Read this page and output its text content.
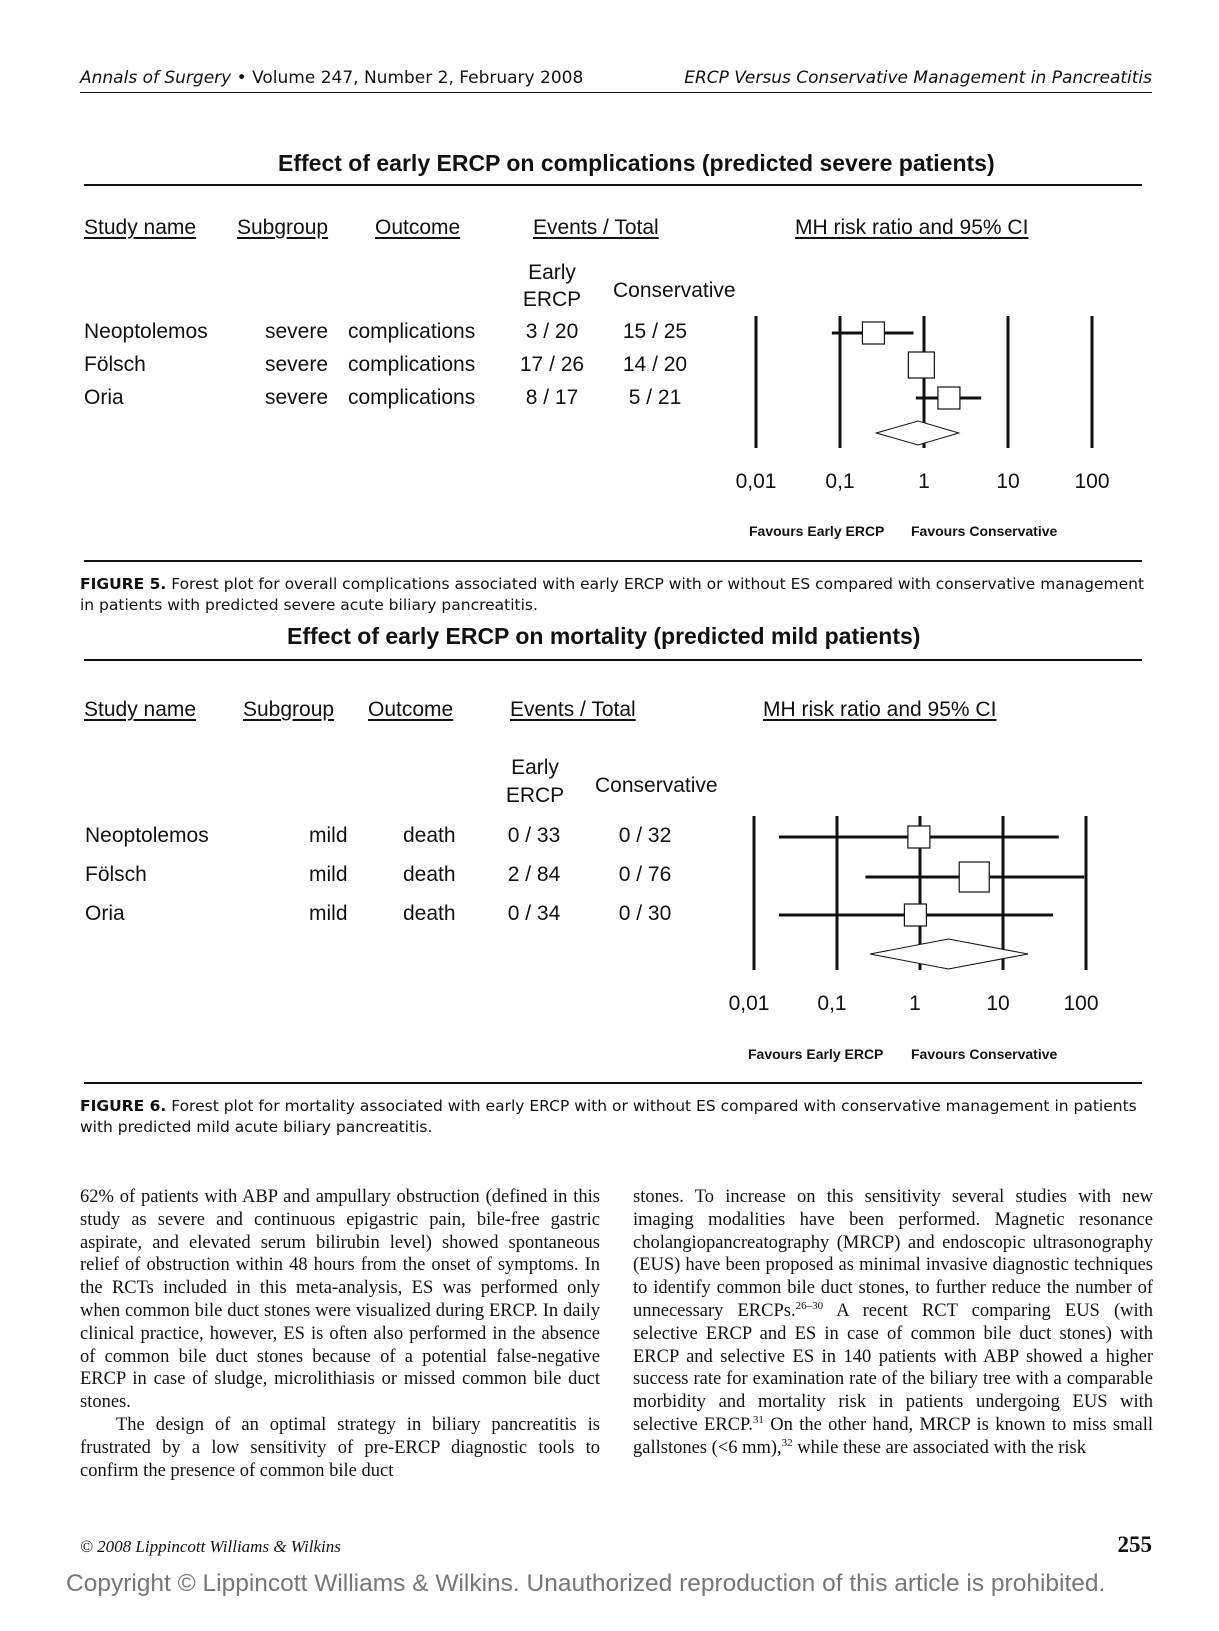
Annals of Surgery • Volume 247, Number 2, February 2008	ERCP Versus Conservative Management in Pancreatitis
Effect of early ERCP on complications (predicted severe patients)
Study name Subgroup Outcome	Events / Total	MH risk ratio and 95% CI
Early
ERCP	Conservative
Neoptolemos	severe complications	3 / 20	15 / 25
Fölsch	severe complications	17 / 26	14 / 20
Oria	severe complications	8 / 17	5 / 21
0,01	0,1	1	10	100
Favours Early ERCP Favours Conservative
FIGURE 5. Forest plot for overall complications associated with early ERCP with or without ES compared with conservative management in patients with predicted severe acute biliary pancreatitis.
Effect of early ERCP on mortality (predicted mild patients)
Study name Subgroup Outcome	Events / Total	MH risk ratio and 95% CI
Early
ERCP	Conservative
Neoptolemos	mild	death	0 / 33	0 / 32
Fölsch	mild	death	2 / 84	0 / 76
Oria	mild	death	0 / 34	0 / 30
0,01	0,1	1	10	100
Favours Early ERCP Favours Conservative
FIGURE 6. Forest plot for mortality associated with early ERCP with or without ES compared with conservative management in patients with predicted mild acute biliary pancreatitis.

62% of patients with ABP and ampullary obstruction (defined in this study as severe and continuous epigastric pain, bile-free gastric aspirate, and elevated serum bilirubin level) showed spontaneous relief of obstruction within 48 hours from the onset of symptoms. In the RCTs included in this meta-analysis, ES was performed only when common bile duct stones were visualized during ERCP. In daily clinical practice, however, ES is often also performed in the absence of common bile duct stones because of a potential false-negative ERCP in case of sludge, microlithiasis or missed common bile duct stones.

The design of an optimal strategy in biliary pancreatitis is frustrated by a low sensitivity of pre-ERCP diagnostic tools to confirm the presence of common bile duct

stones. To increase on this sensitivity several studies with new imaging modalities have been performed. Magnetic resonance cholangiopancreatography (MRCP) and endoscopic ultrasonography (EUS) have been proposed as minimal invasive diagnostic techniques to identify common bile duct stones, to further reduce the number of unnecessary ERCPs.$^{26-30}$ A recent RCT comparing EUS (with selective ERCP and ES in case of common bile duct stones) with ERCP and selective ES in 140 patients with ABP showed a higher success rate for examination rate of the biliary tree with a comparable morbidity and mortality risk in patients undergoing EUS with selective ERCP.$^{31}$ On the other hand, MRCP is known to miss small gallstones (<6 mm),$^{32}$ while these are associated with the risk

© 2008 Lippincott Williams & Wilkins	255
Copyright © Lippincott Williams & Wilkins. Unauthorized reproduction of this article is prohibited.
